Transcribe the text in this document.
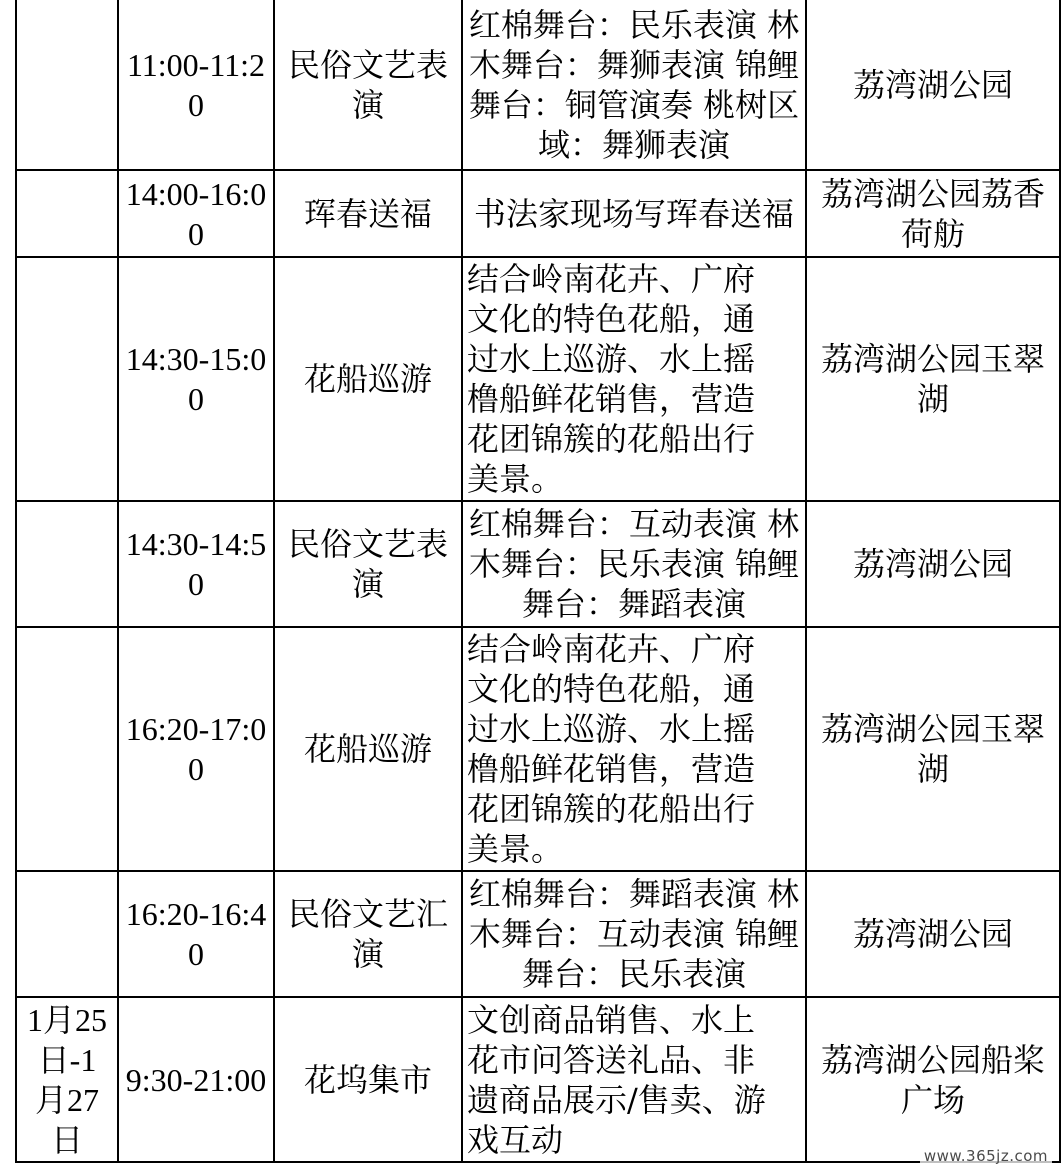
	11:00-11:20	民俗文艺表演	红棉舞台：民乐表演 林木舞台：舞狮表演 锦鲤舞台：铜管演奏 桃树区域：舞狮表演	荔湾湖公园

	14:00-16:00	珲春送福	书法家现场写珲春送福	荔湾湖公园荔香荷舫

	14:30-15:00	花船巡游	结合岭南花卉、广府文化的特色花船，通过水上巡游、水上摇橹船鲜花销售，营造花团锦簇的花船出行美景。	荔湾湖公园玉翠湖

	14:30-14:50	民俗文艺表演	红棉舞台：互动表演 林木舞台：民乐表演 锦鲤舞台：舞蹈表演	荔湾湖公园

	16:20-17:00	花船巡游	结合岭南花卉、广府文化的特色花船，通过水上巡游、水上摇橹船鲜花销售，营造花团锦簇的花船出行美景。	荔湾湖公园玉翠湖

	16:20-16:40	民俗文艺汇演	红棉舞台：舞蹈表演 林木舞台：互动表演 锦鲤舞台：民乐表演	荔湾湖公园

1月25日-1月27日	9:30-21:00	花坞集市	文创商品销售、水上花市问答送礼品、非遗商品展示/售卖、游戏互动	荔湾湖公园船桨广场
www.365jz.com
